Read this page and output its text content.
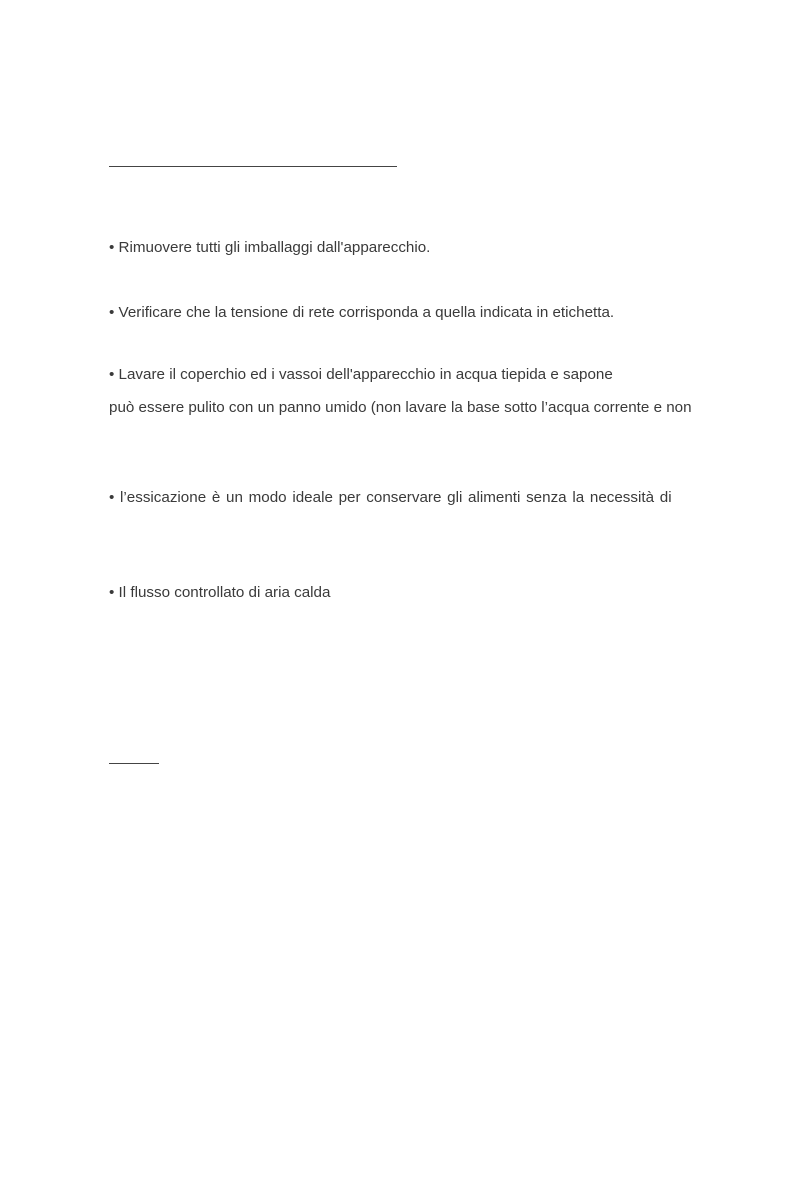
• Rimuovere tutti gli imballaggi dall'apparecchio.
• Verificare che la tensione di rete corrisponda a quella indicata in etichetta.
• Lavare il coperchio ed i vassoi dell'apparecchio in acqua tiepida e sapone
può essere pulito con un panno umido (non lavare la base sotto l’acqua corrente e non
• l’essicazione è un modo ideale per conservare gli alimenti senza la necessità di
• Il flusso controllato di aria calda
